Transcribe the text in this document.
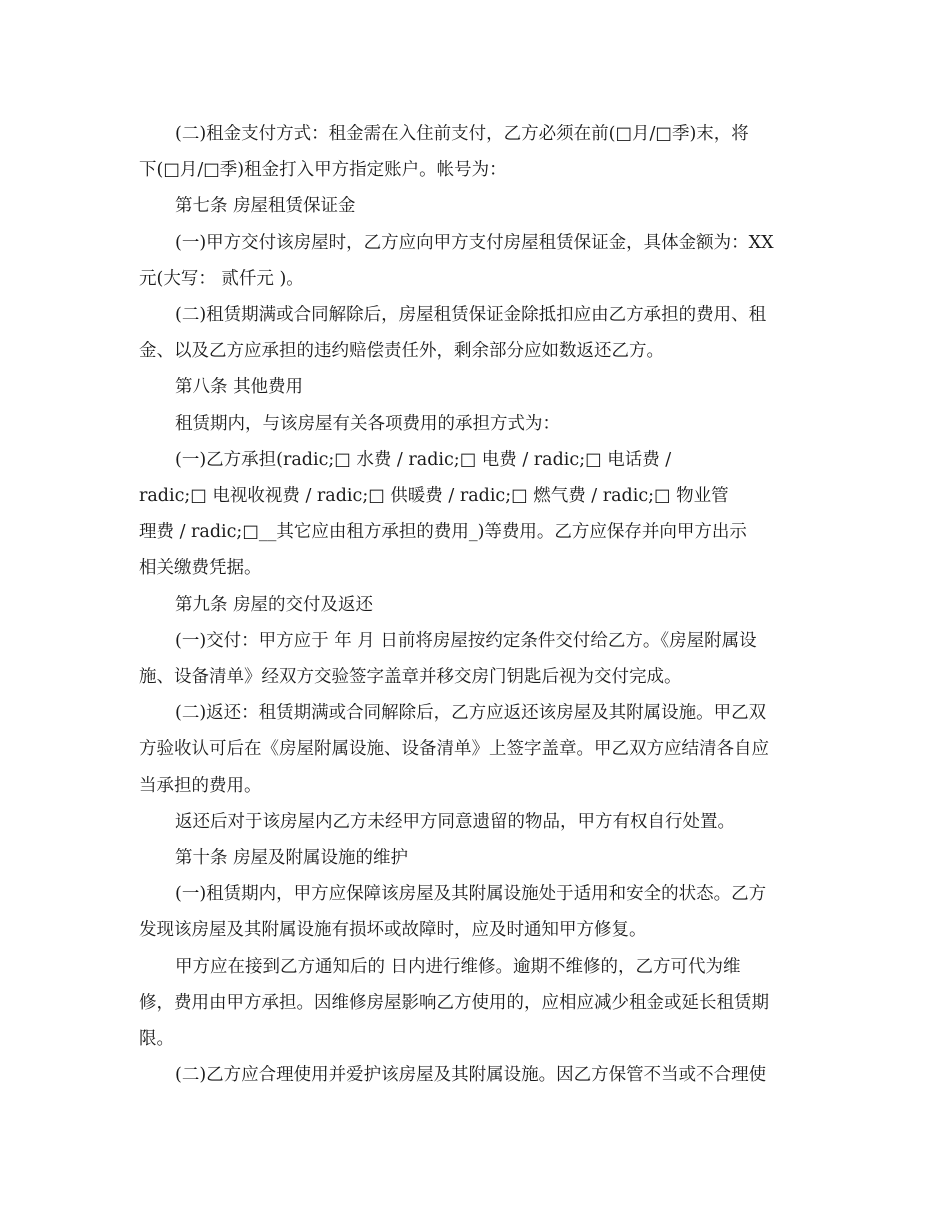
(二)租金支付方式：租金需在入住前支付，乙方必须在前(□月/□季)末，将
下(□月/□季)租金打入甲方指定账户。帐号为：
第七条 房屋租赁保证金
(一)甲方交付该房屋时，乙方应向甲方支付房屋租赁保证金，具体金额为：XX
元(大写： 贰仟元 )。
(二)租赁期满或合同解除后，房屋租赁保证金除抵扣应由乙方承担的费用、租
金、以及乙方应承担的违约赔偿责任外，剩余部分应如数返还乙方。
第八条 其他费用
租赁期内，与该房屋有关各项费用的承担方式为：
(一)乙方承担(radic;□ 水费 / radic;□ 电费 / radic;□ 电话费 /
radic;□ 电视收视费 / radic;□ 供暖费 / radic;□ 燃气费 / radic;□ 物业管
理费 / radic;□__其它应由租方承担的费用_)等费用。乙方应保存并向甲方出示
相关缴费凭据。
第九条 房屋的交付及返还
(一)交付：甲方应于 年 月 日前将房屋按约定条件交付给乙方。《房屋附属设
施、设备清单》经双方交验签字盖章并移交房门钥匙后视为交付完成。
(二)返还：租赁期满或合同解除后，乙方应返还该房屋及其附属设施。甲乙双
方验收认可后在《房屋附属设施、设备清单》上签字盖章。甲乙双方应结清各自应
当承担的费用。
返还后对于该房屋内乙方未经甲方同意遗留的物品，甲方有权自行处置。
第十条 房屋及附属设施的维护
(一)租赁期内，甲方应保障该房屋及其附属设施处于适用和安全的状态。乙方
发现该房屋及其附属设施有损坏或故障时，应及时通知甲方修复。
甲方应在接到乙方通知后的 日内进行维修。逾期不维修的，乙方可代为维
修，费用由甲方承担。因维修房屋影响乙方使用的，应相应减少租金或延长租赁期
限。
(二)乙方应合理使用并爱护该房屋及其附属设施。因乙方保管不当或不合理使
